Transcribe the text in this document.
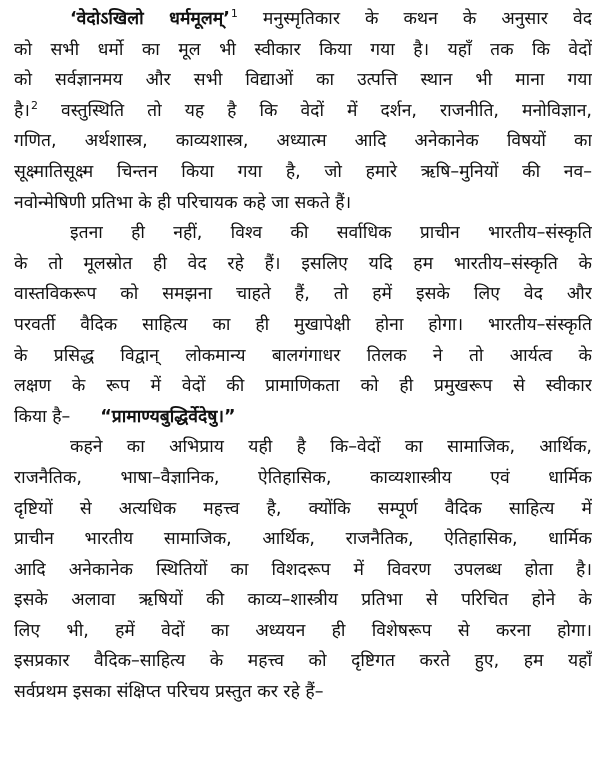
‘वेदोऽखिलो धर्ममूलम्’$^1$ मनुस्मृतिकार के कथन के अनुसार वेद
को सभी धर्मो का मूल भी स्वीकार किया गया है। यहाँ तक कि वेदों
को सर्वज्ञानमय और सभी विद्याओं का उत्पत्ति स्थान भी माना गया
है।$^2$ वस्तुस्थिति तो यह है कि वेदों में दर्शन, राजनीति, मनोविज्ञान,
गणित, अर्थशास्त्र, काव्यशास्त्र, अध्यात्म आदि अनेकानेक विषयों का
सूक्ष्मातिसूक्ष्म चिन्तन किया गया है, जो हमारे ऋषि–मुनियों की नव–
नवोन्मेषिणी प्रतिभा के ही परिचायक कहे जा सकते हैं।
इतना ही नहीं, विश्व की सर्वाधिक प्राचीन भारतीय–संस्कृति
के तो मूलस्रोत ही वेद रहे हैं। इसलिए यदि हम भारतीय–संस्कृति के
वास्तविकरूप को समझना चाहते हैं, तो हमें इसके लिए वेद और
परवर्ती वैदिक साहित्य का ही मुखापेक्षी होना होगा। भारतीय–संस्कृति
के प्रसिद्ध विद्वान् लोकमान्य बालगंगाधर तिलक ने तो आर्यत्व के
लक्षण के रूप में वेदों की प्रामाणिकता को ही प्रमुखरूप से स्वीकार
किया है– “प्रामाण्यबुद्धिर्वेदेषु।”
कहने का अभिप्राय यही है कि–वेदों का सामाजिक, आर्थिक,
राजनैतिक, भाषा–वैज्ञानिक, ऐतिहासिक, काव्यशास्त्रीय एवं धार्मिक
दृष्टियों से अत्यधिक महत्त्व है, क्योंकि सम्पूर्ण वैदिक साहित्य में
प्राचीन भारतीय सामाजिक, आर्थिक, राजनैतिक, ऐतिहासिक, धार्मिक
आदि अनेकानेक स्थितियों का विशदरूप में विवरण उपलब्ध होता है।
इसके अलावा ऋषियों की काव्य–शास्त्रीय प्रतिभा से परिचित होने के
लिए भी, हमें वेदों का अध्ययन ही विशेषरूप से करना होगा।
इसप्रकार वैदिक–साहित्य के महत्त्व को दृष्टिगत करते हुए, हम यहाँ
सर्वप्रथम इसका संक्षिप्त परिचय प्रस्तुत कर रहे हैं–
